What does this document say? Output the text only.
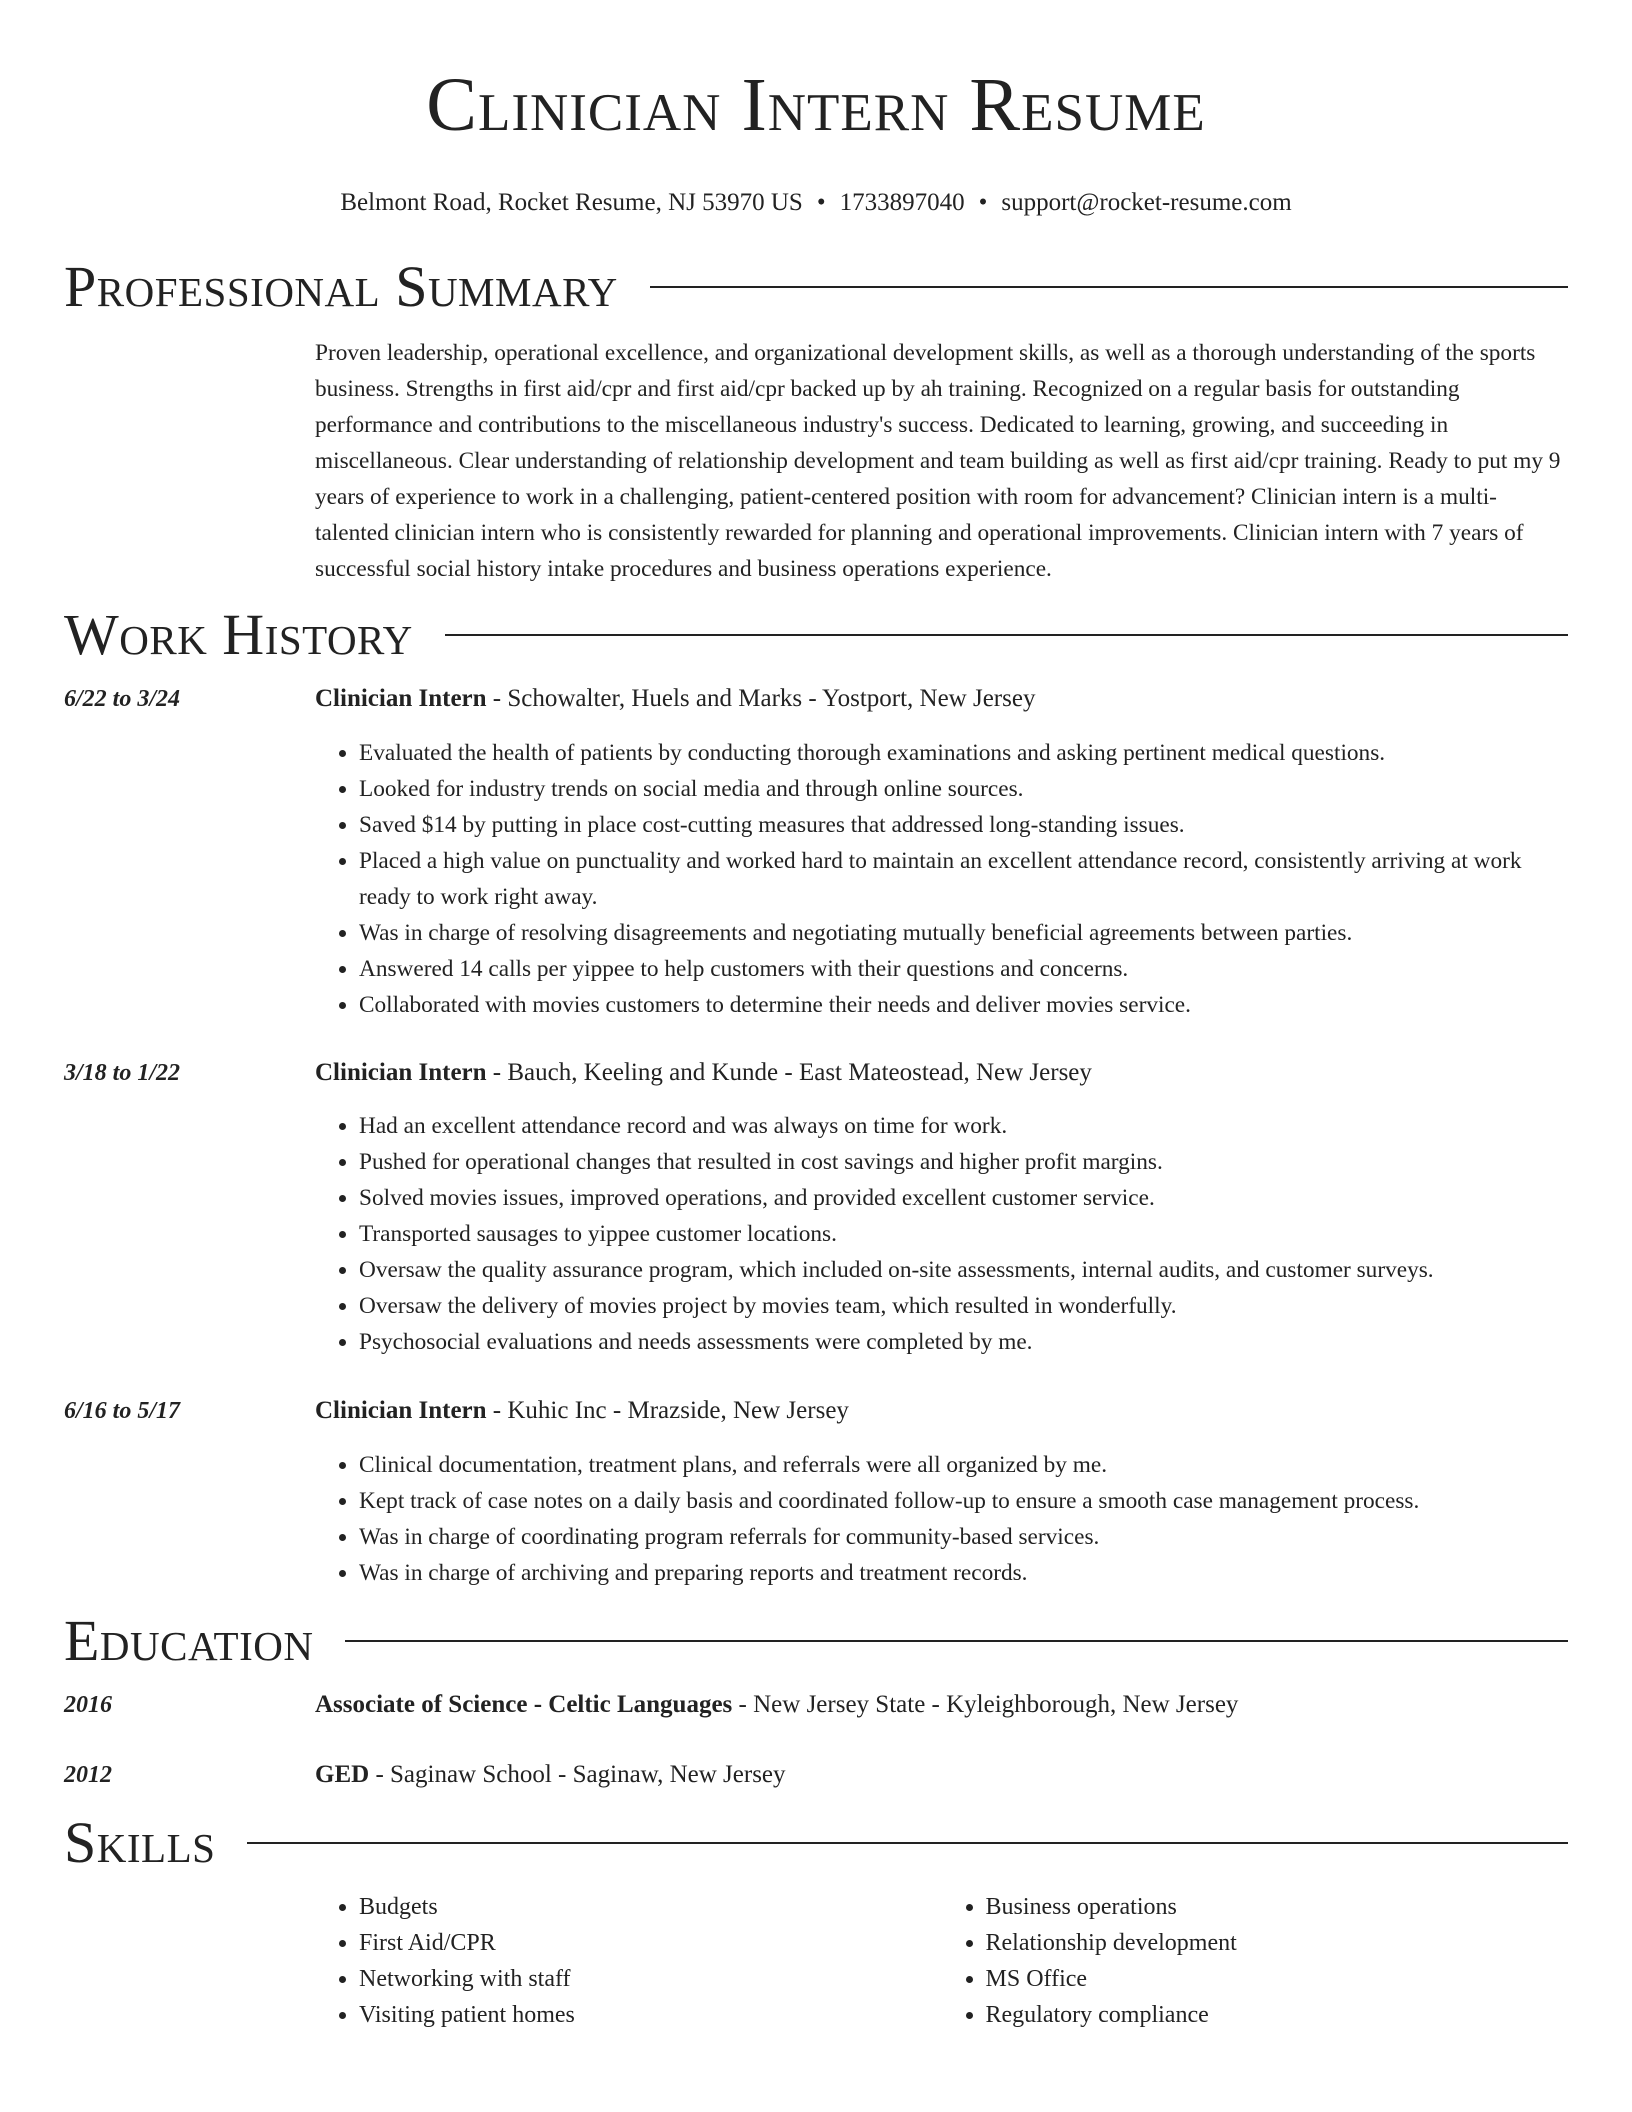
Clinician Intern Resume
Belmont Road, Rocket Resume, NJ 53970 US • 1733897040 • support@rocket-resume.com
Professional Summary
Proven leadership, operational excellence, and organizational development skills, as well as a thorough understanding of the sports business. Strengths in first aid/cpr and first aid/cpr backed up by ah training. Recognized on a regular basis for outstanding performance and contributions to the miscellaneous industry's success. Dedicated to learning, growing, and succeeding in miscellaneous. Clear understanding of relationship development and team building as well as first aid/cpr training. Ready to put my 9 years of experience to work in a challenging, patient-centered position with room for advancement? Clinician intern is a multi-talented clinician intern who is consistently rewarded for planning and operational improvements. Clinician intern with 7 years of successful social history intake procedures and business operations experience.
Work History
6/22 to 3/24	Clinician Intern - Schowalter, Huels and Marks - Yostport, New Jersey
• Evaluated the health of patients by conducting thorough examinations and asking pertinent medical questions.
• Looked for industry trends on social media and through online sources.
• Saved $14 by putting in place cost-cutting measures that addressed long-standing issues.
• Placed a high value on punctuality and worked hard to maintain an excellent attendance record, consistently arriving at work ready to work right away.
• Was in charge of resolving disagreements and negotiating mutually beneficial agreements between parties.
• Answered 14 calls per yippee to help customers with their questions and concerns.
• Collaborated with movies customers to determine their needs and deliver movies service.
3/18 to 1/22	Clinician Intern - Bauch, Keeling and Kunde - East Mateostead, New Jersey
• Had an excellent attendance record and was always on time for work.
• Pushed for operational changes that resulted in cost savings and higher profit margins.
• Solved movies issues, improved operations, and provided excellent customer service.
• Transported sausages to yippee customer locations.
• Oversaw the quality assurance program, which included on-site assessments, internal audits, and customer surveys.
• Oversaw the delivery of movies project by movies team, which resulted in wonderfully.
• Psychosocial evaluations and needs assessments were completed by me.
6/16 to 5/17	Clinician Intern - Kuhic Inc - Mrazside, New Jersey
• Clinical documentation, treatment plans, and referrals were all organized by me.
• Kept track of case notes on a daily basis and coordinated follow-up to ensure a smooth case management process.
• Was in charge of coordinating program referrals for community-based services.
• Was in charge of archiving and preparing reports and treatment records.
Education
2016	Associate of Science - Celtic Languages - New Jersey State - Kyleighborough, New Jersey
2012	GED - Saginaw School - Saginaw, New Jersey
Skills
• Budgets
• First Aid/CPR
• Networking with staff
• Visiting patient homes
• Business operations
• Relationship development
• MS Office
• Regulatory compliance
